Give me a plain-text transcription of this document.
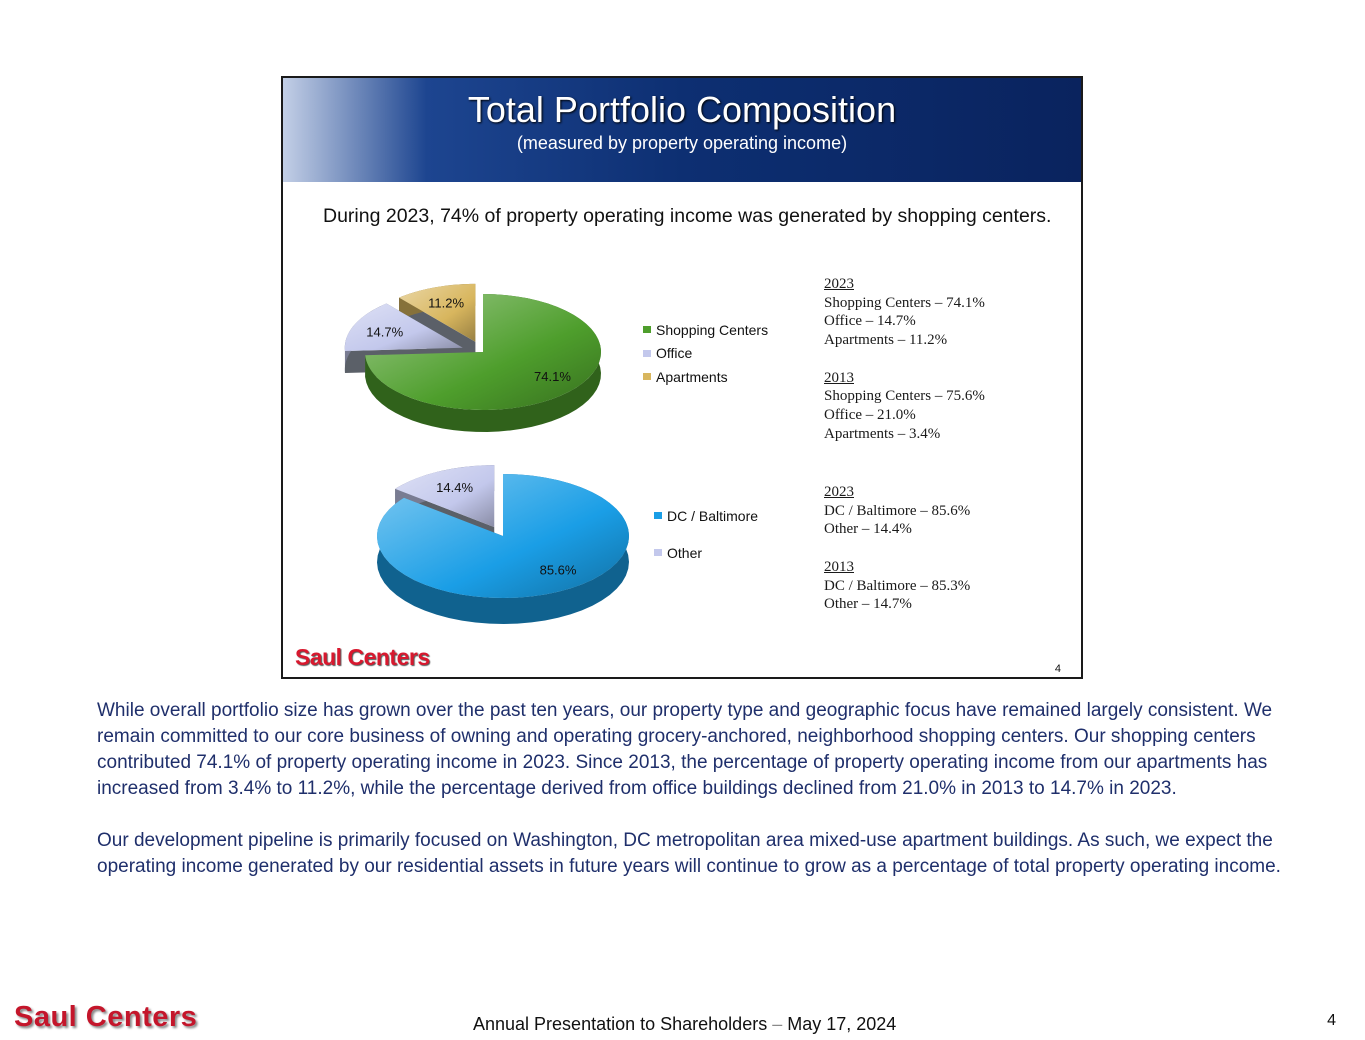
Total Portfolio Composition
(measured by property operating income)
During 2023, 74% of property operating income was generated by shopping centers.
74.1%
14.7%
11.2%
Shopping Centers
Office
Apartments
85.6%
14.4%
DC / Baltimore
Other
2023
Shopping Centers – 74.1%
Office – 14.7%
Apartments – 11.2%
2013
Shopping Centers – 75.6%
Office – 21.0%
Apartments – 3.4%
2023
DC / Baltimore – 85.6%
Other – 14.4%
2013
DC / Baltimore – 85.3%
Other – 14.7%
Saul Centers	4

While overall portfolio size has grown over the past ten years, our property type and geographic focus have remained largely consistent. We remain committed to our core business of owning and operating grocery-anchored, neighborhood shopping centers. Our shopping centers contributed 74.1% of property operating income in 2023. Since 2013, the percentage of property operating income from our apartments has increased from 3.4% to 11.2%, while the percentage derived from office buildings declined from 21.0% in 2013 to 14.7% in 2023.

Our development pipeline is primarily focused on Washington, DC metropolitan area mixed-use apartment buildings. As such, we expect the operating income generated by our residential assets in future years will continue to grow as a percentage of total property operating income.

Saul Centers	Annual Presentation to Shareholders – May 17, 2024	4
